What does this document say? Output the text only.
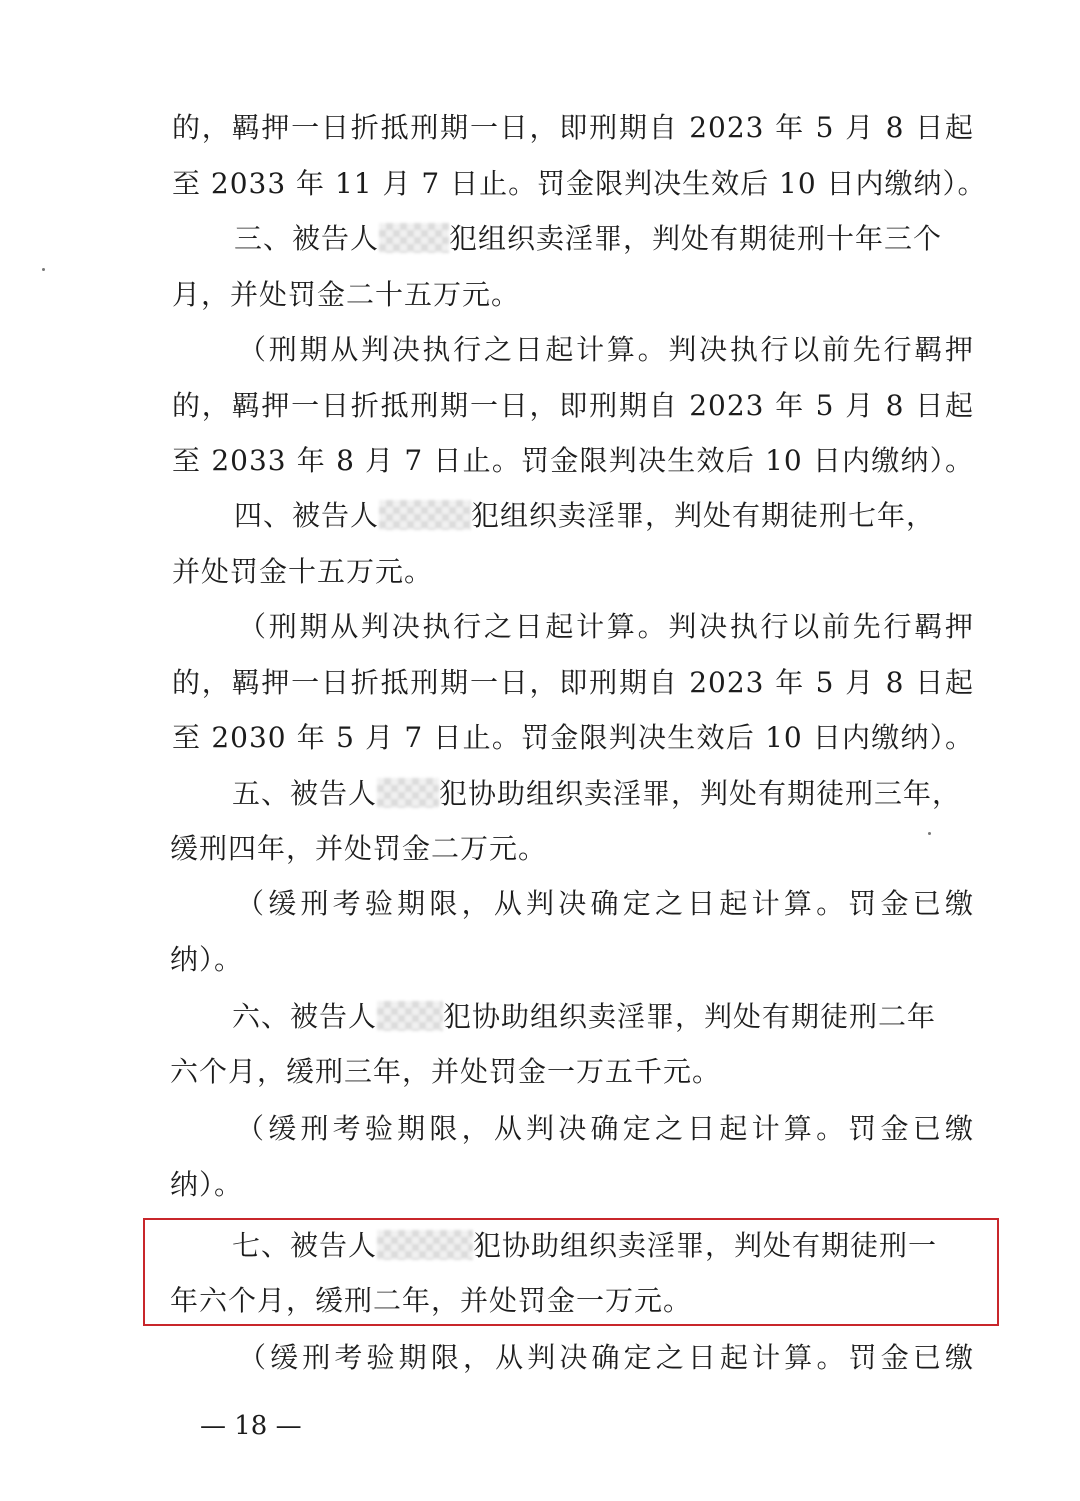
的，羁押一日折抵刑期一日，即刑期自 2023 年 5 月 8 日起
至 2033 年 11 月 7 日止。罚金限判决生效后 10 日内缴纳）。
三、被告人	犯组织卖淫罪，判处有期徒刑十年三个
月，并处罚金二十五万元。
（刑期从判决执行之日起计算。判决执行以前先行羁押
的，羁押一日折抵刑期一日，即刑期自 2023 年 5 月 8 日起
至 2033 年 8 月 7 日止。罚金限判决生效后 10 日内缴纳）。
四、被告人	犯组织卖淫罪，判处有期徒刑七年，
并处罚金十五万元。
（刑期从判决执行之日起计算。判决执行以前先行羁押
的，羁押一日折抵刑期一日，即刑期自 2023 年 5 月 8 日起
至 2030 年 5 月 7 日止。罚金限判决生效后 10 日内缴纳）。
五、被告人 犯协助组织卖淫罪，判处有期徒刑三年，
缓刑四年，并处罚金二万元。
（缓刑考验期限，从判决确定之日起计算。罚金已缴
纳）。
六、被告人 犯协助组织卖淫罪，判处有期徒刑二年
六个月，缓刑三年，并处罚金一万五千元。
（缓刑考验期限，从判决确定之日起计算。罚金已缴
纳）。
七、被告人	犯协助组织卖淫罪，判处有期徒刑一
年六个月，缓刑二年，并处罚金一万元。
（缓刑考验期限，从判决确定之日起计算。罚金已缴
— 18 —
